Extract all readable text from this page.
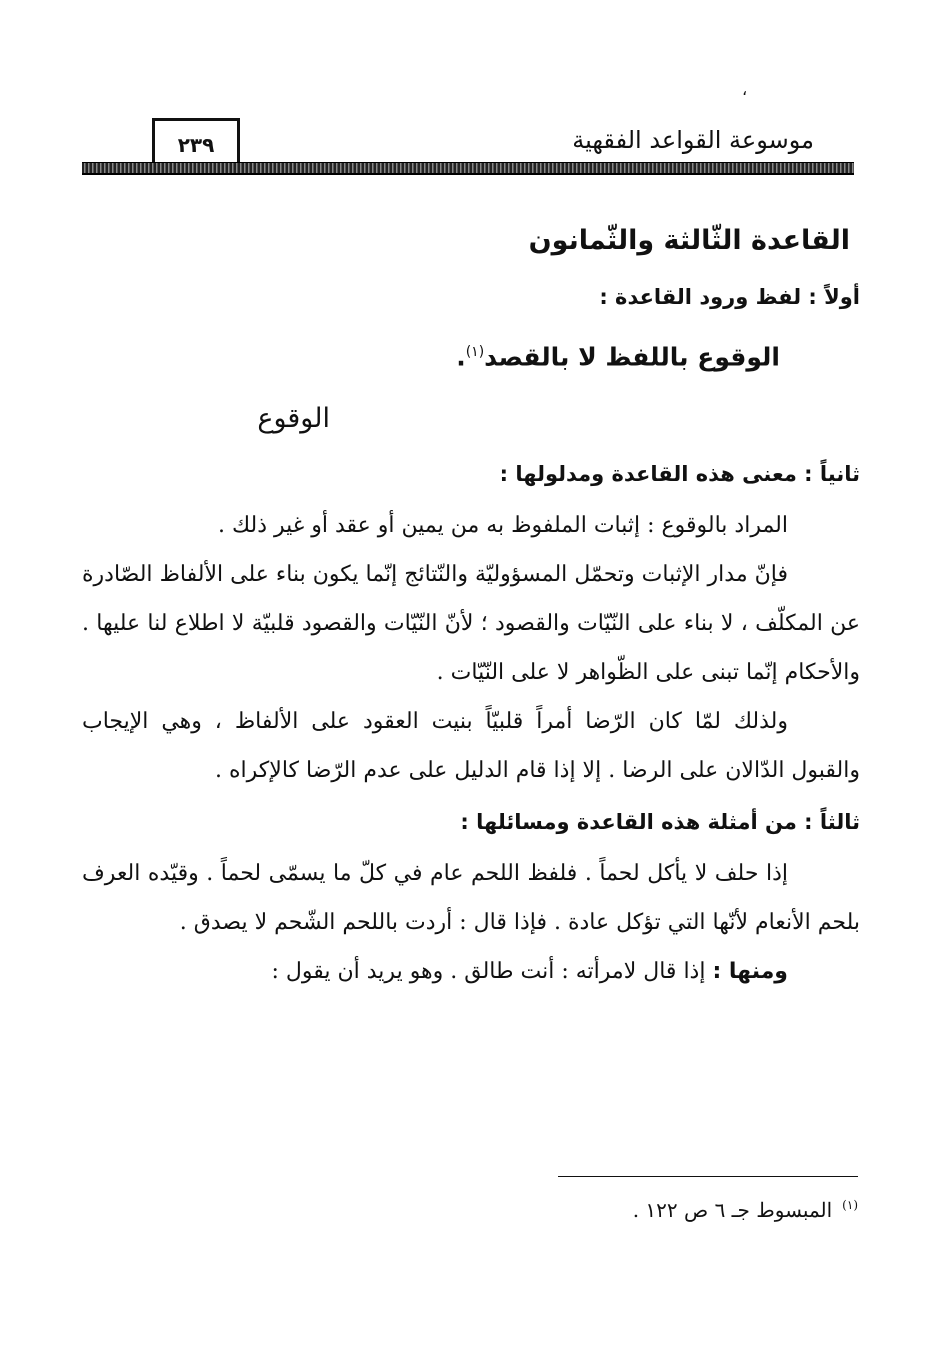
،
موسوعة القواعد الفقهية
٢٣٩
القاعدة الثّالثة والثّمانون
أولاً : لفظ ورود القاعدة :
الوقوع باللفظ لا بالقصد$^{(١)}$.
الوقوع
ثانياً : معنى هذه القاعدة ومدلولها :

المراد بالوقوع : إثبات الملفوظ به من يمين أو عقد أو غير ذلك .

فإنّ مدار الإثبات وتحمّل المسؤوليّة والنّتائج إنّما يكون بناء على الألفاظ الصّادرة عن المكلّف ، لا بناء على النّيّات والقصود ؛ لأنّ النّيّات والقصود قلبيّة لا اطلاع لنا عليها . والأحكام إنّما تبنى على الظّواهر لا على النّيّات .

ولذلك لمّا كان الرّضا أمراً قلبيّاً بنيت العقود على الألفاظ ، وهي الإيجاب والقبول الدّالان على الرضا . إلا إذا قام الدليل على عدم الرّضا كالإكراه .

ثالثاً : من أمثلة هذه القاعدة ومسائلها :

إذا حلف لا يأكل لحماً . فلفظ اللحم عام في كلّ ما يسمّى لحماً . وقيّده العرف بلحم الأنعام لأنّها التي تؤكل عادة . فإذا قال : أردت باللحم الشّحم لا يصدق .

ومنها : إذا قال لامرأته : أنت طالق . وهو يريد أن يقول :

$^{(١)}$المبسوط جـ ٦ ص ١٢٢ .
